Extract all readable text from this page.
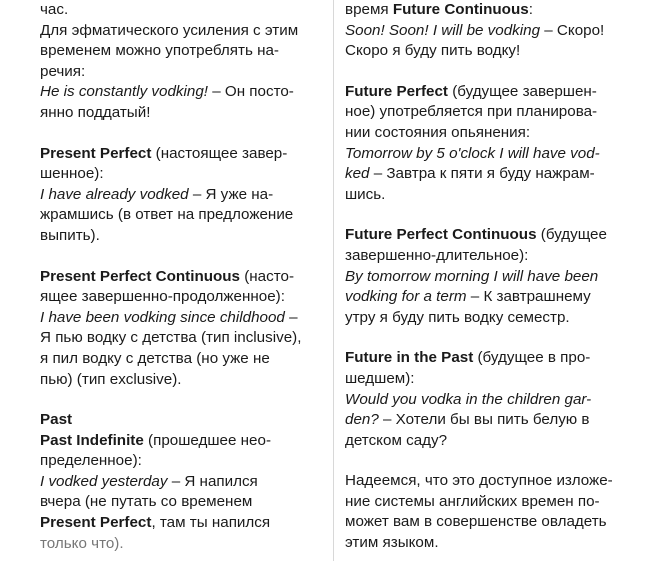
час.

Для эфматического усиления с этим

временем можно употреблять на-

речия:

He is constantly vodking! – Он посто-

янно поддатый!

Present Perfect (настоящее завер-

шенное):

I have already vodked – Я уже на-

жрамшись (в ответ на предложение

выпить).

Present Perfect Continuous (насто-

ящее завершенно-продолженное):

I have been vodking since childhood –

Я пью водку с детства (тип inclusive),

я пил водку с детства (но уже не

пью) (тип exclusive).

Past

Past Indefinite (прошедшее нео-

пределенное):

I vodked yesterday – Я напился

вчера (не путать со временем

Present Perfect, там ты напился

только что).

время Future Continuous:

Soon! Soon! I will be vodking – Скоро!

Скоро я буду пить водку!

Future Perfect (будущее завершен-

ное) употребляется при планирова-

нии состояния опьянения:

Tomorrow by 5 o'clock I will have vod-

ked – Завтра к пяти я буду нажрам-

шись.

Future Perfect Continuous (будущее

завершенно-длительное):

By tomorrow morning I will have been

vodking for a term – К завтрашнему

утру я буду пить водку семестр.

Future in the Past (будущее в про-

шедшем):

Would you vodka in the children gar-

den? – Хотели бы вы пить белую в

детском саду?

Надеемся, что это доступное изложе-

ние системы английских времен по-

может вам в совершенстве овладеть

этим языком.
